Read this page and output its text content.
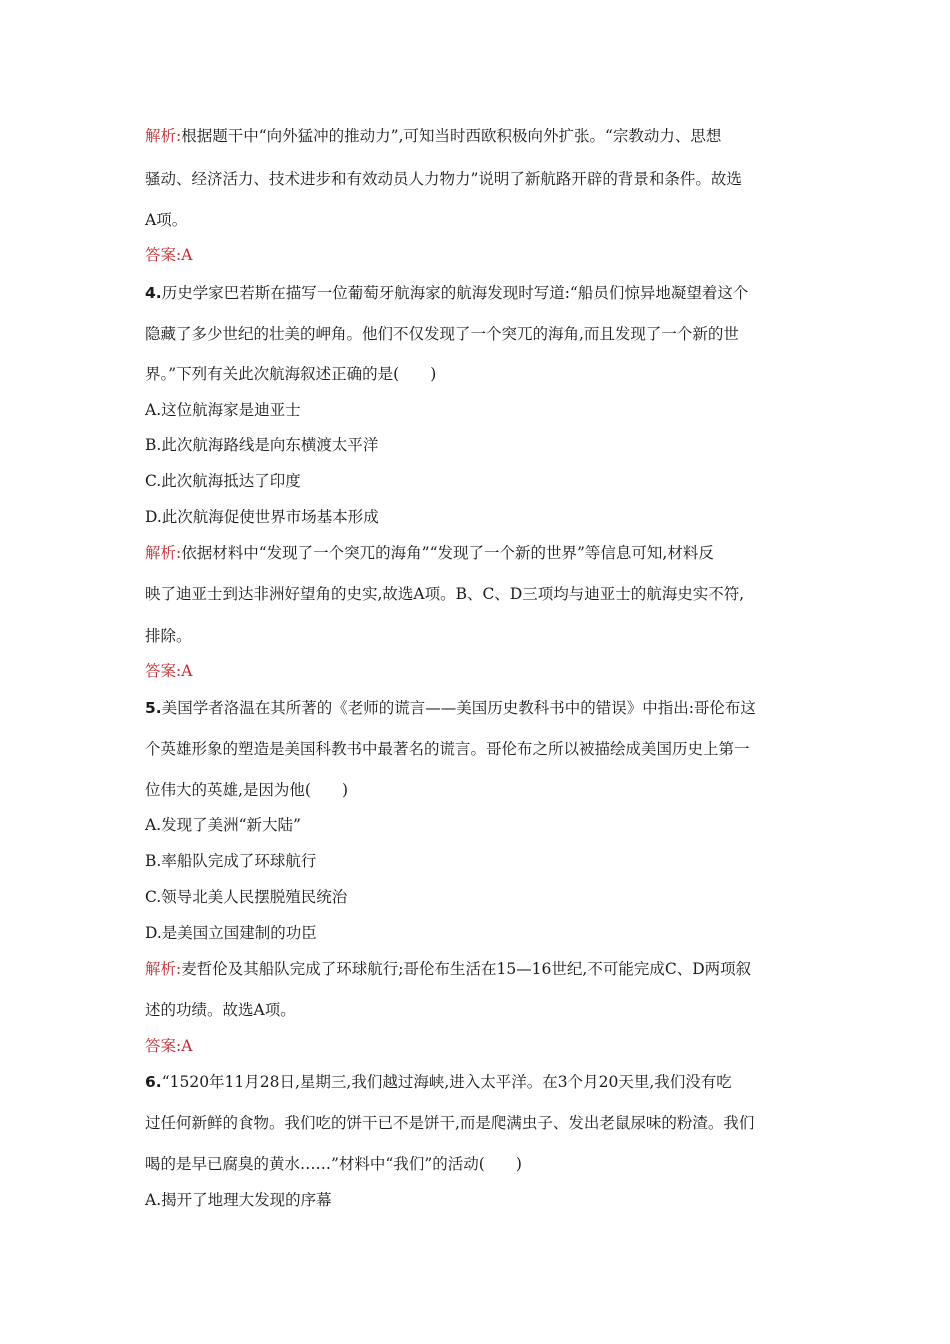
解析:根据题干中“向外猛冲的推动力”,可知当时西欧积极向外扩张。“宗教动力、思想
骚动、经济活力、技术进步和有效动员人力物力”说明了新航路开辟的背景和条件。故选
A项。
答案:A
4.历史学家巴若斯在描写一位葡萄牙航海家的航海发现时写道:“船员们惊异地凝望着这个
隐藏了多少世纪的壮美的岬角。他们不仅发现了一个突兀的海角,而且发现了一个新的世
界。”下列有关此次航海叙述正确的是(　　)
A.这位航海家是迪亚士
B.此次航海路线是向东横渡太平洋
C.此次航海抵达了印度
D.此次航海促使世界市场基本形成
解析:依据材料中“发现了一个突兀的海角”“发现了一个新的世界”等信息可知,材料反
映了迪亚士到达非洲好望角的史实,故选A项。B、C、D三项均与迪亚士的航海史实不符,
排除。
答案:A
5.美国学者洛温在其所著的《老师的谎言——美国历史教科书中的错误》中指出:哥伦布这
个英雄形象的塑造是美国科教书中最著名的谎言。哥伦布之所以被描绘成美国历史上第一
位伟大的英雄,是因为他(　　)
A.发现了美洲“新大陆”
B.率船队完成了环球航行
C.领导北美人民摆脱殖民统治
D.是美国立国建制的功臣
解析:麦哲伦及其船队完成了环球航行;哥伦布生活在15—16世纪,不可能完成C、D两项叙
述的功绩。故选A项。
答案:A
6.“1520年11月28日,星期三,我们越过海峡,进入太平洋。在3个月20天里,我们没有吃
过任何新鲜的食物。我们吃的饼干已不是饼干,而是爬满虫子、发出老鼠尿味的粉渣。我们
喝的是早已腐臭的黄水……”材料中“我们”的活动(　　)
A.揭开了地理大发现的序幕
